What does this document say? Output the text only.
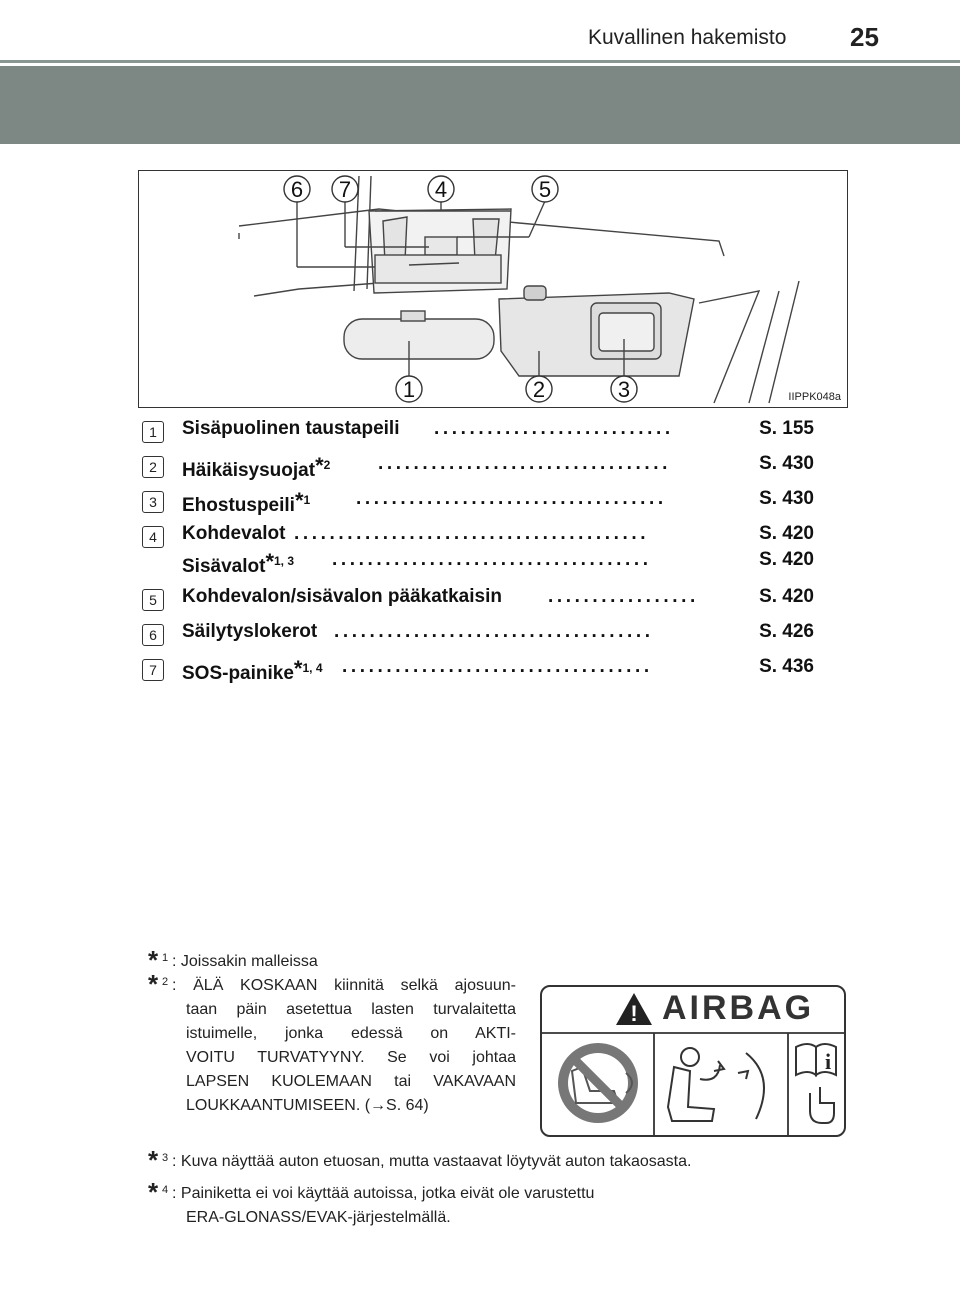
Kuvallinen hakemisto 25
6 7	4	5
1	2	3	IIPPK048a
1	Sisäpuolinen taustapeili ...........................	S. 155
2	Häikäisysuojat$^{*2}$	.................................	S. 430
3	Ehostuspeili$^{*1}$ ...................................	S. 430
4	Kohdevalot ........................................	S. 420
Sisävalot$^{*1, 3}$ ....................................	S. 420
5	Kohdevalon/sisävalon pääkatkaisin .................	S. 420
6	Säilytyslokerot ....................................	S. 426
7	SOS-painike$^{*1, 4}$ ...................................	S. 436
* 1 : Joissakin malleissa
* 2 : ÄLÄ KOSKAAN kiinnitä selkä ajosuun-
taan päin asetettua lasten turvalaitetta
istuimelle, jonka edessä on AKTI-
VOITU TURVATYYNY. Se voi johtaa
LAPSEN KUOLEMAAN tai VAKAVAAN
LOUKKAANTUMISEEN. (→S. 64)
* 3 : Kuva näyttää auton etuosan, mutta vastaavat löytyvät auton takaosasta.
* 4 : Painiketta ei voi käyttää autoissa, jotka eivät ole varustettu
ERA-GLONASS/EVAK-järjestelmällä.
!
i
AIRBAG
